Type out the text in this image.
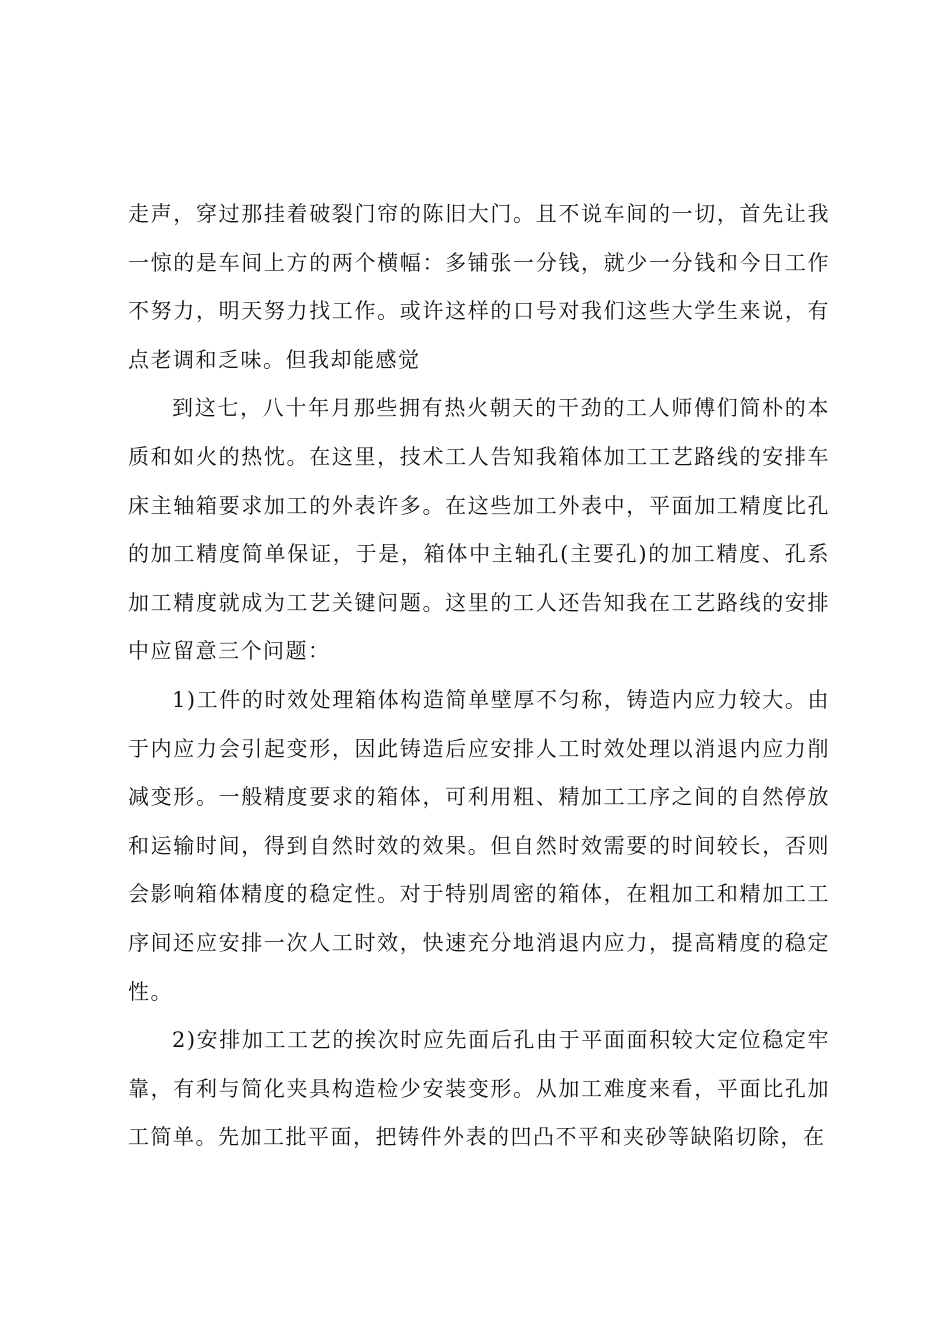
走声，穿过那挂着破裂门帘的陈旧大门。且不说车间的一切，首先让我一惊的是车间上方的两个横幅：多铺张一分钱，就少一分钱和今日工作不努力，明天努力找工作。或许这样的口号对我们这些大学生来说，有点老调和乏味。但我却能感觉

到这七，八十年月那些拥有热火朝天的干劲的工人师傅们简朴的本质和如火的热忱。在这里，技术工人告知我箱体加工工艺路线的安排车床主轴箱要求加工的外表许多。在这些加工外表中，平面加工精度比孔的加工精度简单保证，于是，箱体中主轴孔(主要孔)的加工精度、孔系加工精度就成为工艺关键问题。这里的工人还告知我在工艺路线的安排中应留意三个问题：

1)工件的时效处理箱体构造简单壁厚不匀称，铸造内应力较大。由于内应力会引起变形，因此铸造后应安排人工时效处理以消退内应力削减变形。一般精度要求的箱体，可利用粗、精加工工序之间的自然停放和运输时间，得到自然时效的效果。但自然时效需要的时间较长，否则会影响箱体精度的稳定性。对于特别周密的箱体，在粗加工和精加工工序间还应安排一次人工时效，快速充分地消退内应力，提高精度的稳定性。

2)安排加工工艺的挨次时应先面后孔由于平面面积较大定位稳定牢靠，有利与简化夹具构造检少安装变形。从加工难度来看，平面比孔加工简单。先加工批平面，把铸件外表的凹凸不平和夹砂等缺陷切除，在
